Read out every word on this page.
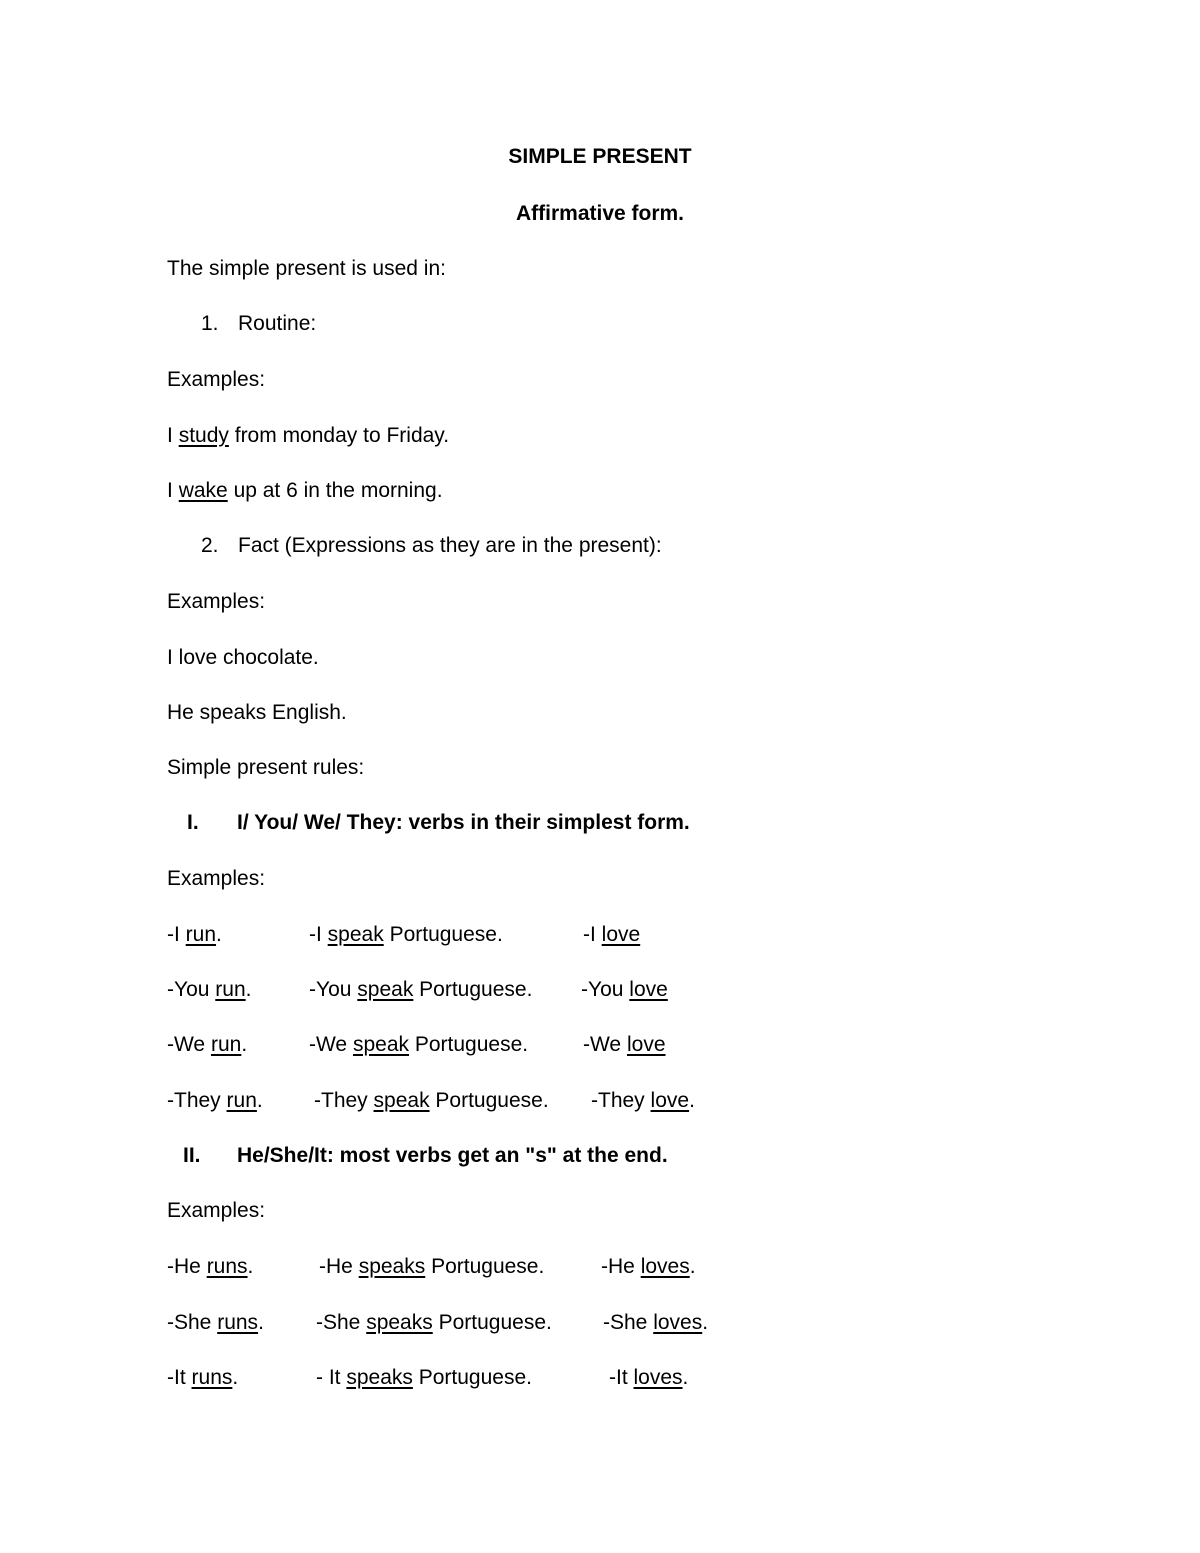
SIMPLE PRESENT
Affirmative form.
The simple present is used in:
1. Routine:
Examples:
I study from monday to Friday.
I wake up at 6 in the morning.
2. Fact (Expressions as they are in the present):
Examples:
I love chocolate.
He speaks English.
Simple present rules:
I. I/ You/ We/ They: verbs in their simplest form.
Examples:
-I run.	-I speak Portuguese.	-I love
-You run.	-You speak Portuguese. -You love
-We run.	-We speak Portuguese.	-We love
-They run. -They speak Portuguese. -They love.
II. He/She/It: most verbs get an "s" at the end.
Examples:
-He runs.	-He speaks Portuguese.	-He loves.
-She runs. -She speaks Portuguese. -She loves.
-It runs.	- It speaks Portuguese.	-It loves.
